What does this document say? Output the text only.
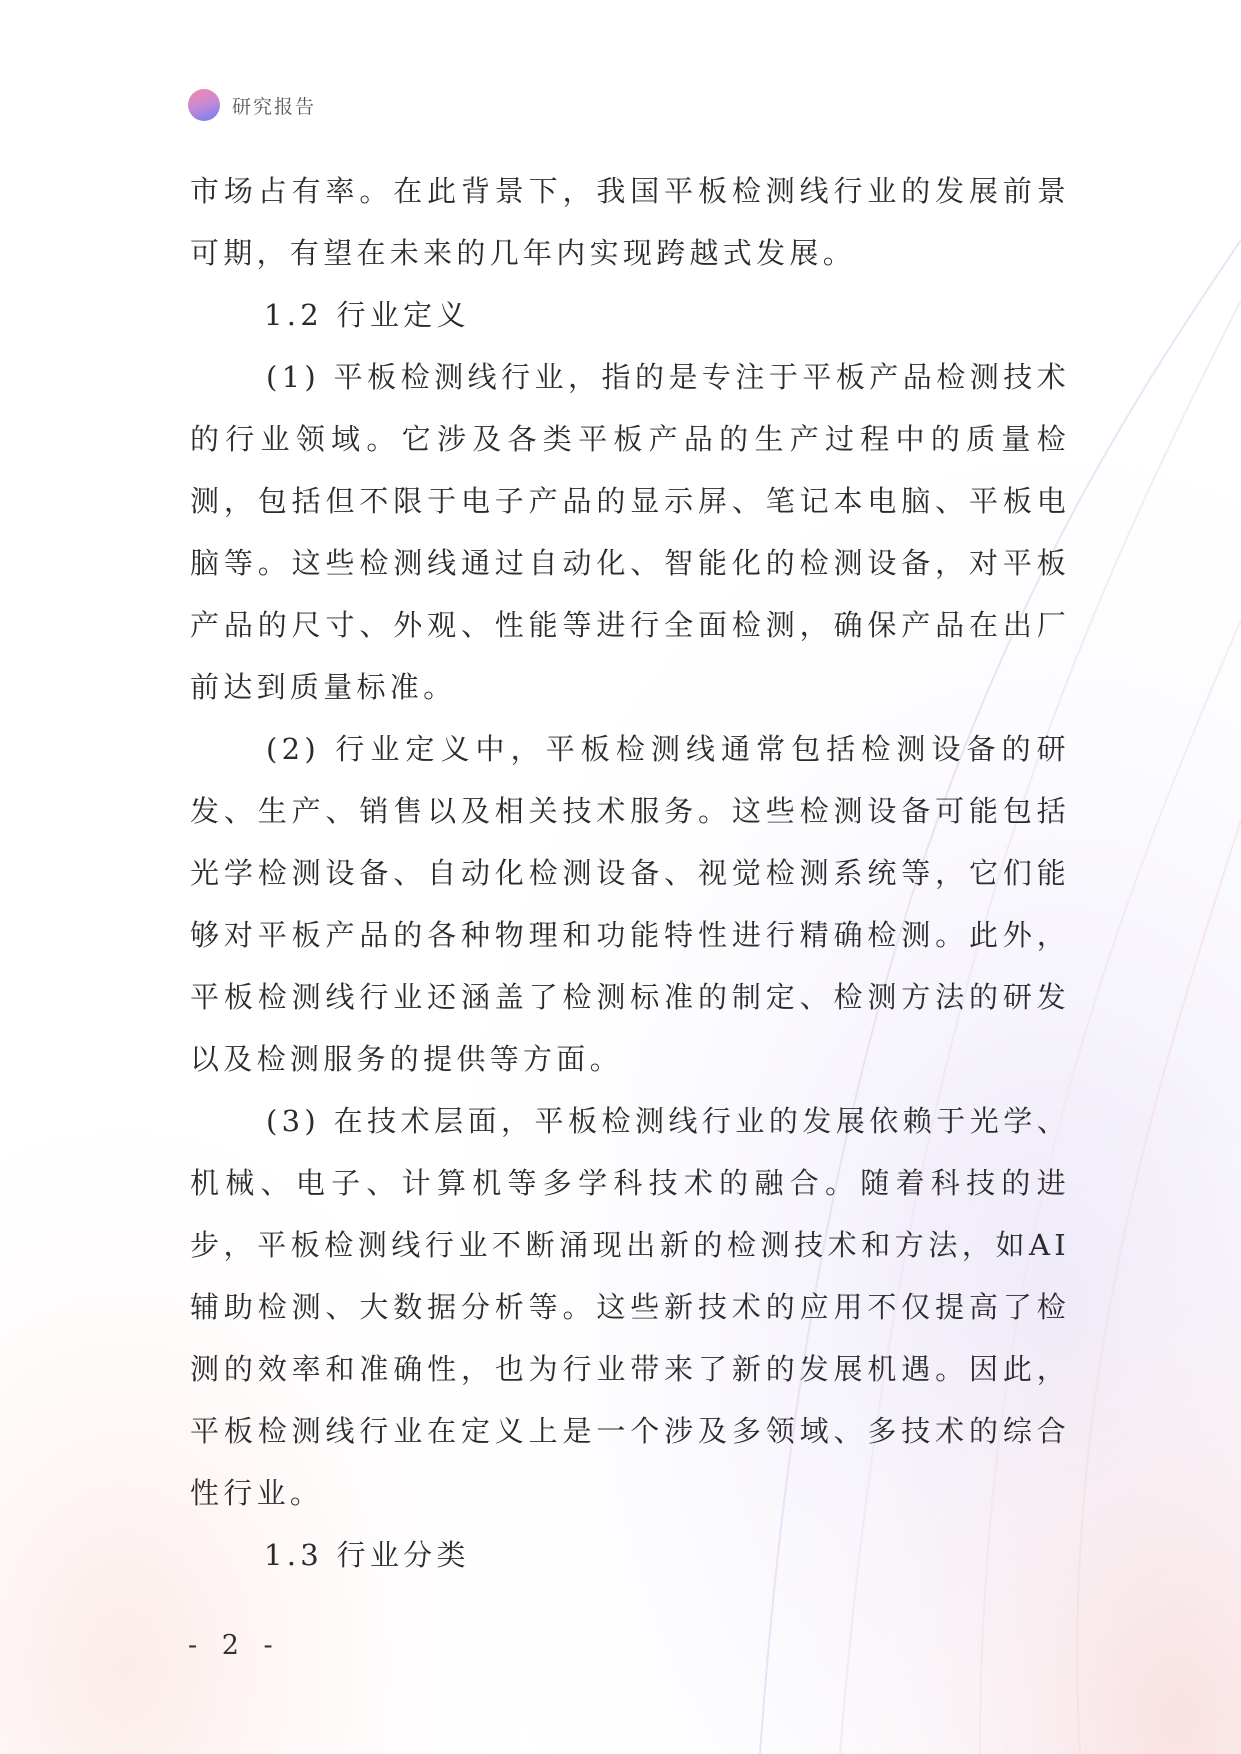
研究报告

市场占有率。在此背景下，我国平板检测线行业的发展前景可期，有望在未来的几年内实现跨越式发展。

1.2 行业定义

(1) 平板检测线行业，指的是专注于平板产品检测技术的行业领域。它涉及各类平板产品的生产过程中的质量检测，包括但不限于电子产品的显示屏、笔记本电脑、平板电脑等。这些检测线通过自动化、智能化的检测设备，对平板产品的尺寸、外观、性能等进行全面检测，确保产品在出厂前达到质量标准。

(2) 行业定义中，平板检测线通常包括检测设备的研发、生产、销售以及相关技术服务。这些检测设备可能包括光学检测设备、自动化检测设备、视觉检测系统等，它们能够对平板产品的各种物理和功能特性进行精确检测。此外，平板检测线行业还涵盖了检测标准的制定、检测方法的研发以及检测服务的提供等方面。

(3) 在技术层面，平板检测线行业的发展依赖于光学、机械、电子、计算机等多学科技术的融合。随着科技的进步，平板检测线行业不断涌现出新的检测技术和方法，如AI辅助检测、大数据分析等。这些新技术的应用不仅提高了检测的效率和准确性，也为行业带来了新的发展机遇。因此，平板检测线行业在定义上是一个涉及多领域、多技术的综合性行业。

1.3 行业分类

- 2 -
